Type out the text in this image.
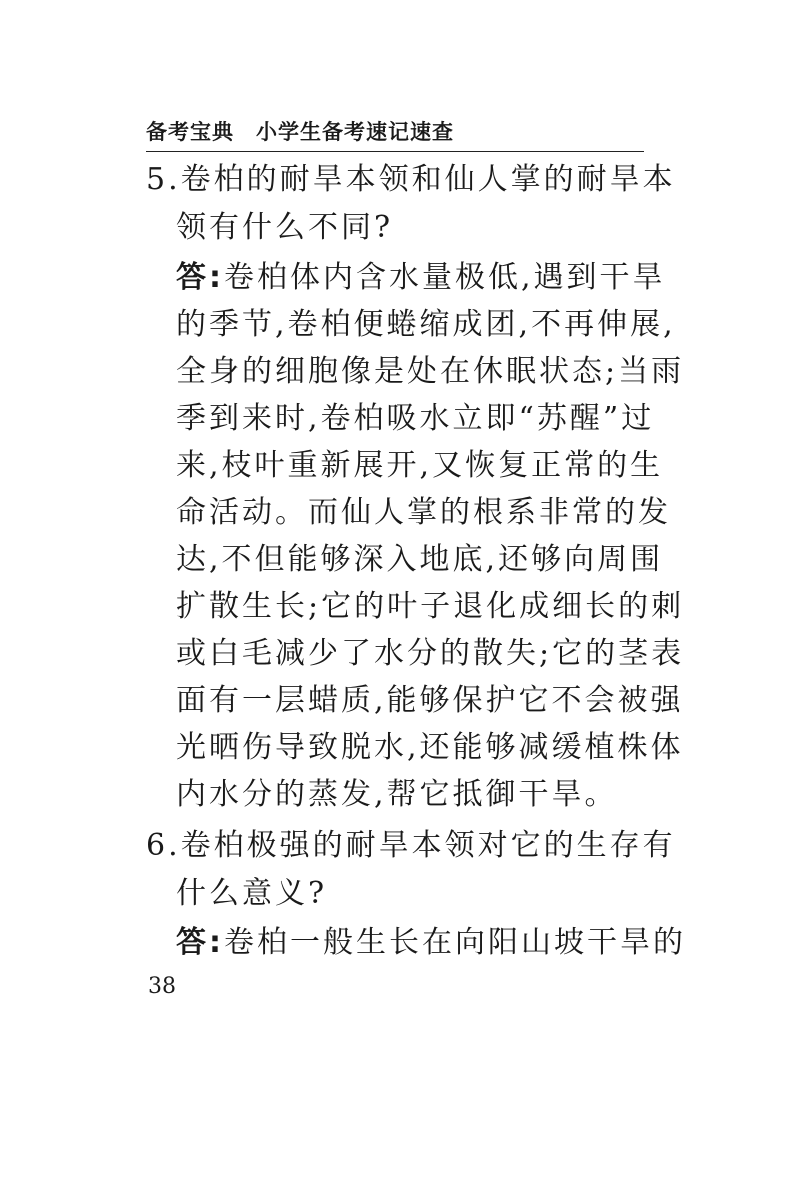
备考宝典 小学生备考速记速查
5.卷柏的耐旱本领和仙人掌的耐旱本
领有什么不同?
答:卷柏体内含水量极低,遇到干旱
的季节,卷柏便蜷缩成团,不再伸展,
全身的细胞像是处在休眠状态;当雨
季到来时,卷柏吸水立即“苏醒”过
来,枝叶重新展开,又恢复正常的生
命活动。而仙人掌的根系非常的发
达,不但能够深入地底,还够向周围
扩散生长;它的叶子退化成细长的刺
或白毛减少了水分的散失;它的茎表
面有一层蜡质,能够保护它不会被强
光晒伤导致脱水,还能够减缓植株体
内水分的蒸发,帮它抵御干旱。
6.卷柏极强的耐旱本领对它的生存有
什么意义?
答:卷柏一般生长在向阳山坡干旱的
38
